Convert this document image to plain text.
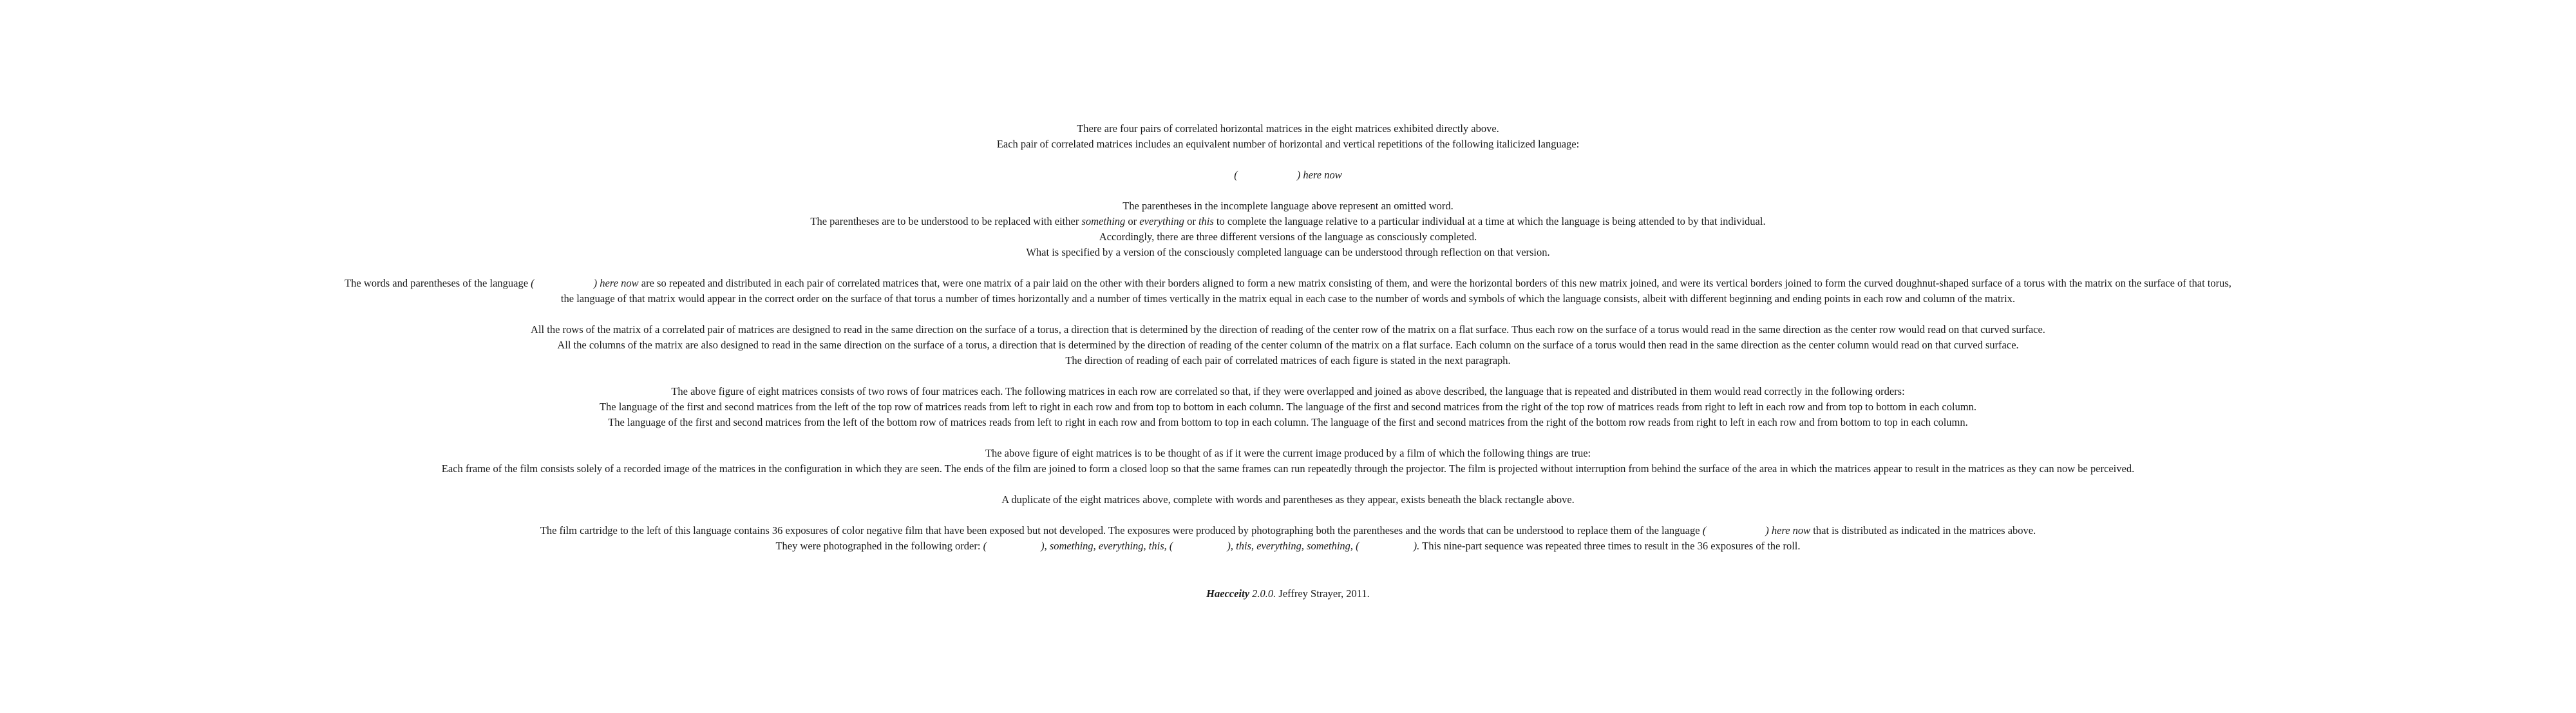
There are four pairs of correlated horizontal matrices in the eight matrices exhibited directly above.
Each pair of correlated matrices includes an equivalent number of horizontal and vertical repetitions of the following italicized language:

(	) here now

The parentheses in the incomplete language above represent an omitted word.
The parentheses are to be understood to be replaced with either something or everything or this to complete the language relative to a particular individual at a time at which the language is being attended to by that individual.
Accordingly, there are three different versions of the language as consciously completed.
What is specified by a version of the consciously completed language can be understood through reflection on that version.

The words and parentheses of the language (	) here now are so repeated and distributed in each pair of correlated matrices that, were one matrix of a pair laid on the other with their borders aligned to form a new matrix consisting of them, and were the horizontal borders of this new matrix joined, and were its vertical borders joined to form the curved doughnut-shaped surface of a torus with the matrix on the surface of that torus,
the language of that matrix would appear in the correct order on the surface of that torus a number of times horizontally and a number of times vertically in the matrix equal in each case to the number of words and symbols of which the language consists, albeit with different beginning and ending points in each row and column of the matrix.

All the rows of the matrix of a correlated pair of matrices are designed to read in the same direction on the surface of a torus, a direction that is determined by the direction of reading of the center row of the matrix on a flat surface. Thus each row on the surface of a torus would read in the same direction as the center row would read on that curved surface.
All the columns of the matrix are also designed to read in the same direction on the surface of a torus, a direction that is determined by the direction of reading of the center column of the matrix on a flat surface. Each column on the surface of a torus would then read in the same direction as the center column would read on that curved surface.
The direction of reading of each pair of correlated matrices of each figure is stated in the next paragraph.

The above figure of eight matrices consists of two rows of four matrices each. The following matrices in each row are correlated so that, if they were overlapped and joined as above described, the language that is repeated and distributed in them would read correctly in the following orders:
The language of the first and second matrices from the left of the top row of matrices reads from left to right in each row and from top to bottom in each column. The language of the first and second matrices from the right of the top row of matrices reads from right to left in each row and from top to bottom in each column.
The language of the first and second matrices from the left of the bottom row of matrices reads from left to right in each row and from bottom to top in each column. The language of the first and second matrices from the right of the bottom row reads from right to left in each row and from bottom to top in each column.

The above figure of eight matrices is to be thought of as if it were the current image produced by a film of which the following things are true:
Each frame of the film consists solely of a recorded image of the matrices in the configuration in which they are seen. The ends of the film are joined to form a closed loop so that the same frames can run repeatedly through the projector. The film is projected without interruption from behind the surface of the area in which the matrices appear to result in the matrices as they can now be perceived.

A duplicate of the eight matrices above, complete with words and parentheses as they appear, exists beneath the black rectangle above.

The film cartridge to the left of this language contains 36 exposures of color negative film that have been exposed but not developed. The exposures were produced by photographing both the parentheses and the words that can be understood to replace them of the language (	) here now that is distributed as indicated in the matrices above.
They were photographed in the following order: (	), something, everything, this, (	), this, everything, something, (	). This nine-part sequence was repeated three times to result in the 36 exposures of the roll.

Haecceity 2.0.0. Jeffrey Strayer, 2011.
